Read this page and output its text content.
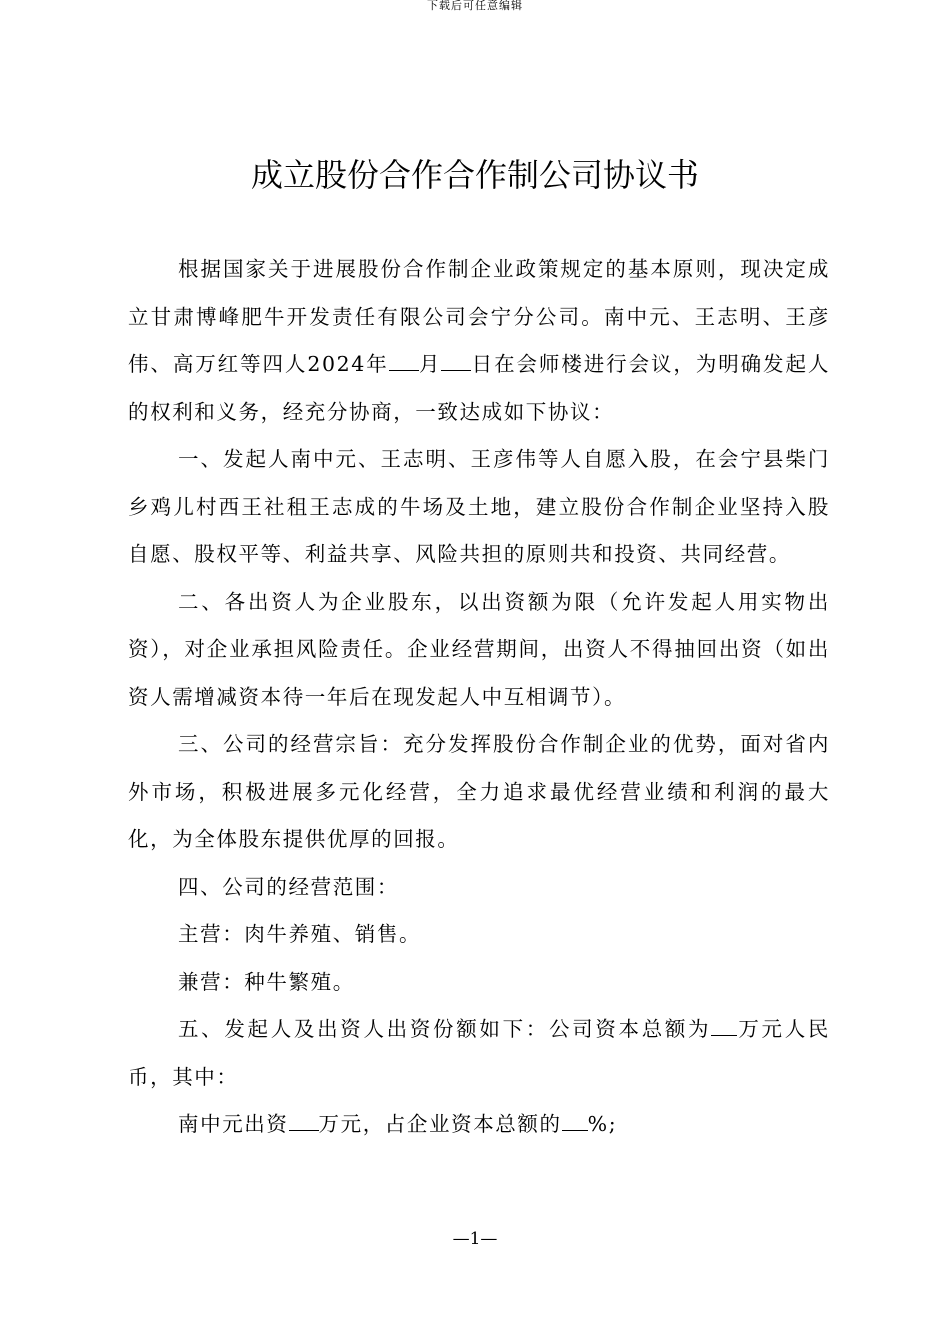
下载后可任意编辑
成立股份合作合作制公司协议书

根据国家关于进展股份合作制企业政策规定的基本原则，现决定成立甘肃博峰肥牛开发责任有限公司会宁分公司。南中元、王志明、王彦伟、高万红等四人2024年 月 日在会师楼进行会议，为明确发起人的权利和义务，经充分协商，一致达成如下协议：

一、发起人南中元、王志明、王彦伟等人自愿入股，在会宁县柴门乡鸡儿村西王社租王志成的牛场及土地，建立股份合作制企业坚持入股自愿、股权平等、利益共享、风险共担的原则共和投资、共同经营。

二、各出资人为企业股东，以出资额为限（允许发起人用实物出资），对企业承担风险责任。企业经营期间，出资人不得抽回出资（如出资人需增减资本待一年后在现发起人中互相调节）。

三、公司的经营宗旨：充分发挥股份合作制企业的优势，面对省内外市场，积极进展多元化经营，全力追求最优经营业绩和利润的最大化，为全体股东提供优厚的回报。

四、公司的经营范围：

主营：肉牛养殖、销售。

兼营：种牛繁殖。

五、发起人及出资人出资份额如下：公司资本总额为 万元人民币，其中：

南中元出资 万元，占企业资本总额的 %;

—1—
